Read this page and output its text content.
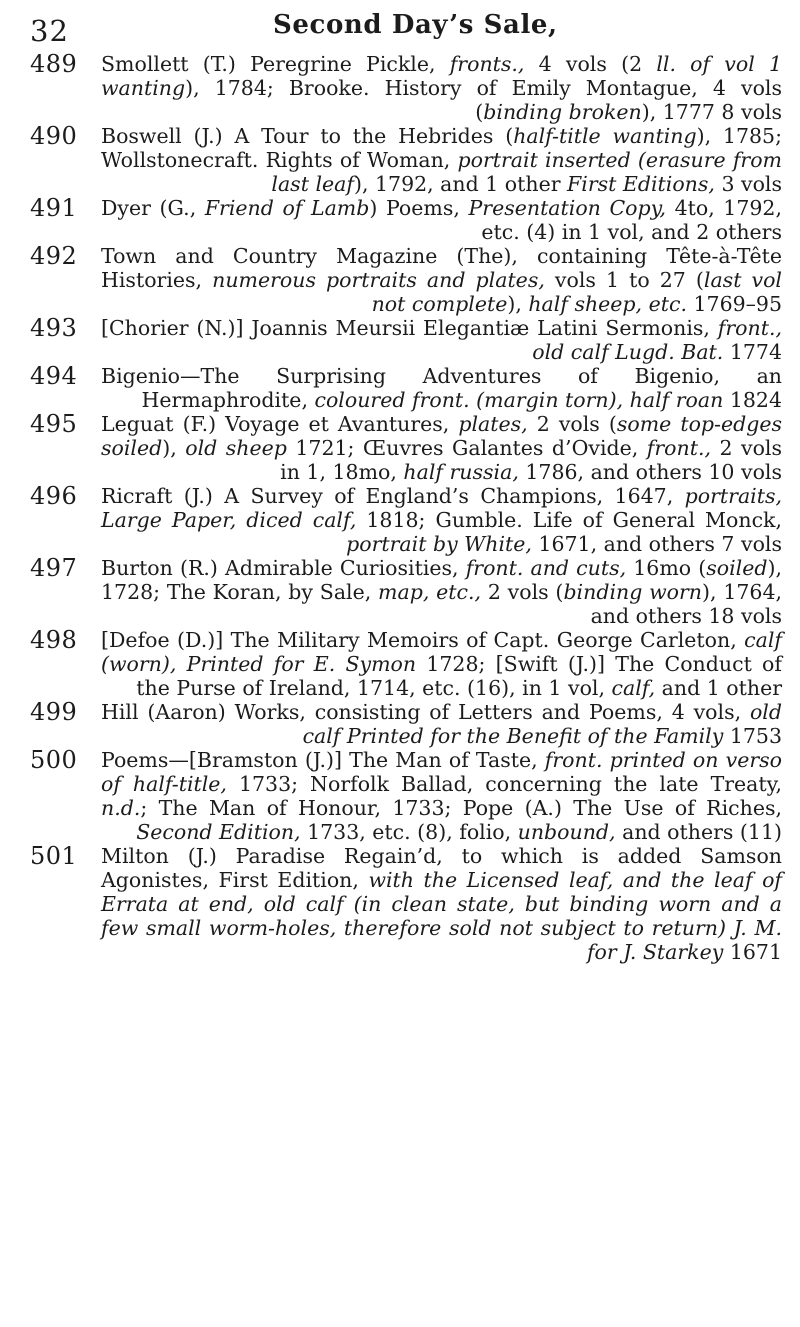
32	Second Day’s Sale,
489 Smollett (T.) Peregrine Pickle, fronts., 4 vols (2 ll. of vol 1 wanting), 1784; Brooke. History of Emily Montague, 4 vols (binding broken), 1777 8 vols
490 Boswell (J.) A Tour to the Hebrides (half-title wanting), 1785; Wollstonecraft. Rights of Woman, portrait inserted (erasure from last leaf), 1792, and 1 other First Editions, 3 vols
491 Dyer (G., Friend of Lamb) Poems, Presentation Copy, 4to, 1792, etc. (4) in 1 vol, and 2 others
492 Town and Country Magazine (The), containing Tête-à-Tête Histories, numerous portraits and plates, vols 1 to 27 (last vol not complete), half sheep, etc. 1769–95
493 [Chorier (N.)] Joannis Meursii Elegantiæ Latini Sermonis, front., old calf Lugd. Bat. 1774
494 Bigenio—The Surprising Adventures of Bigenio, an Hermaphrodite, coloured front. (margin torn), half roan 1824
495 Leguat (F.) Voyage et Avantures, plates, 2 vols (some top-edges soiled), old sheep 1721; Œuvres Galantes d’Ovide, front., 2 vols in 1, 18mo, half russia, 1786, and others 10 vols
496 Ricraft (J.) A Survey of England’s Champions, 1647, portraits, Large Paper, diced calf, 1818; Gumble. Life of General Monck, portrait by White, 1671, and others 7 vols
497 Burton (R.) Admirable Curiosities, front. and cuts, 16mo (soiled), 1728; The Koran, by Sale, map, etc., 2 vols (binding worn), 1764, and others 18 vols
498 [Defoe (D.)] The Military Memoirs of Capt. George Carleton, calf (worn), Printed for E. Symon 1728; [Swift (J.)] The Conduct of the Purse of Ireland, 1714, etc. (16), in 1 vol, calf, and 1 other
499 Hill (Aaron) Works, consisting of Letters and Poems, 4 vols, old calf Printed for the Benefit of the Family 1753
500 Poems—[Bramston (J.)] The Man of Taste, front. printed on verso of half-title, 1733; Norfolk Ballad, concerning the late Treaty, n.d.; The Man of Honour, 1733; Pope (A.) The Use of Riches, Second Edition, 1733, etc. (8), folio, unbound, and others (11)
501 Milton (J.) Paradise Regain’d, to which is added Samson Agonistes, First Edition, with the Licensed leaf, and the leaf of Errata at end, old calf (in clean state, but binding worn and a few small worm-holes, therefore sold not subject to return) J. M. for J. Starkey 1671
